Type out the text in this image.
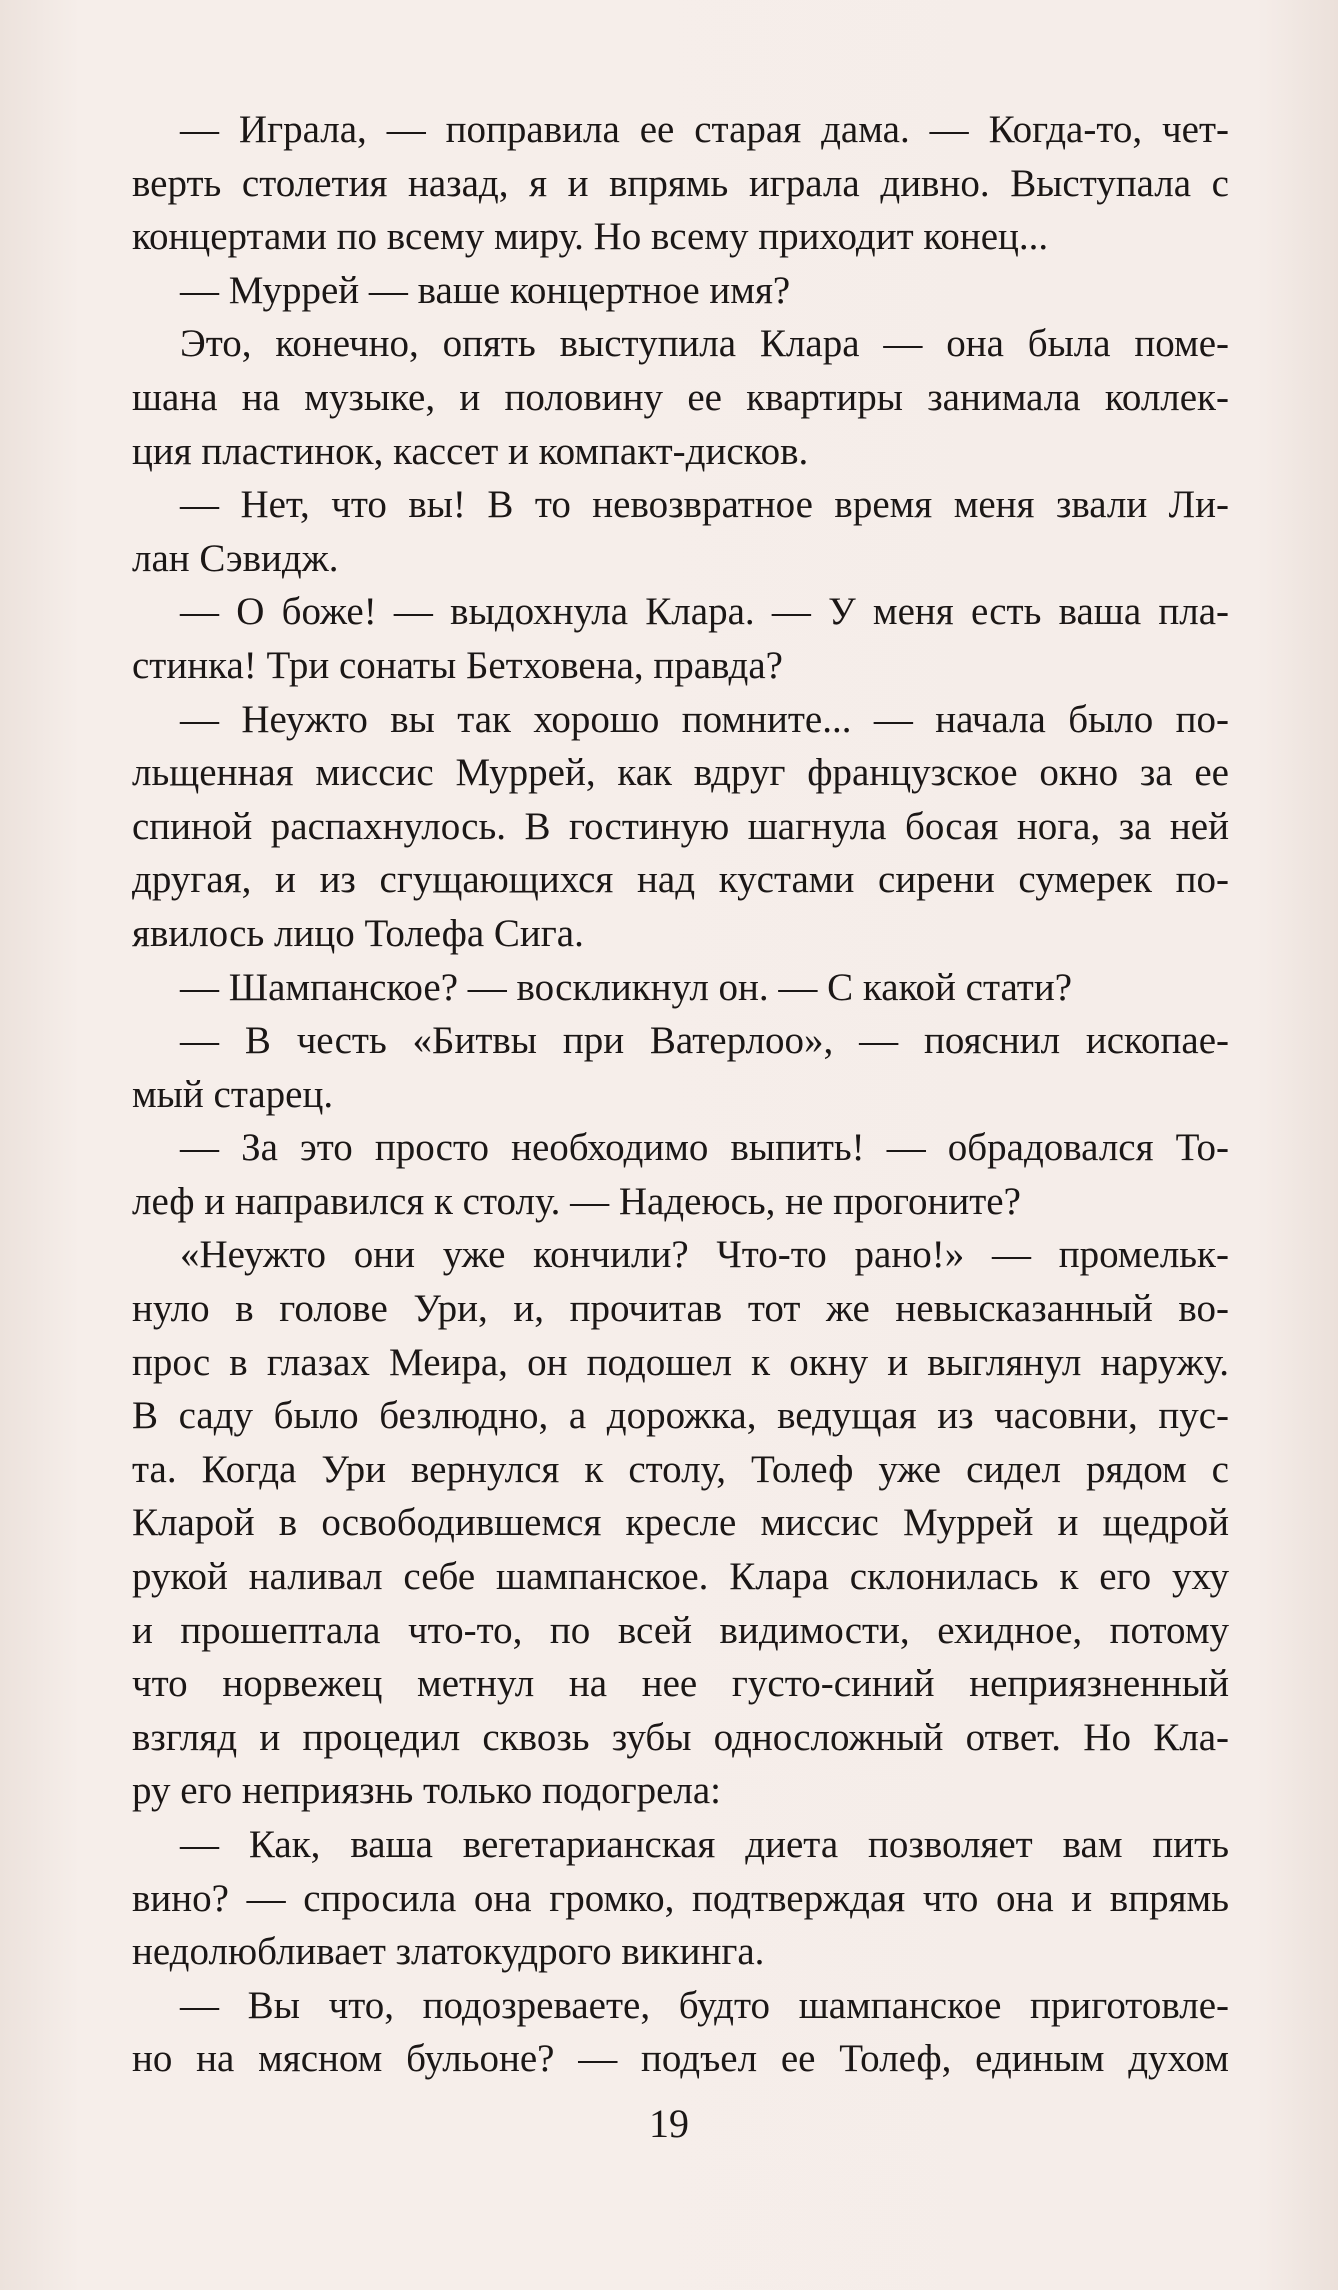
— Играла, — поправила ее старая дама. — Когда-то, чет-
верть столетия назад, я и впрямь играла дивно. Выступала с
концертами по всему миру. Но всему приходит конец...
— Муррей — ваше концертное имя?
Это, конечно, опять выступила Клара — она была поме-
шана на музыке, и половину ее квартиры занимала коллек-
ция пластинок, кассет и компакт-дисков.
— Нет, что вы! В то невозвратное время меня звали Ли-
лан Сэвидж.
— О боже! — выдохнула Клара. — У меня есть ваша пла-
стинка! Три сонаты Бетховена, правда?
— Неужто вы так хорошо помните... — начала было по-
льщенная миссис Муррей, как вдруг французское окно за ее
спиной распахнулось. В гостиную шагнула босая нога, за ней
другая, и из сгущающихся над кустами сирени сумерек по-
явилось лицо Толефа Сига.
— Шампанское? — воскликнул он. — С какой стати?
— В честь «Битвы при Ватерлоо», — пояснил ископае-
мый старец.
— За это просто необходимо выпить! — обрадовался То-
леф и направился к столу. — Надеюсь, не прогоните?
«Неужто они уже кончили? Что-то рано!» — промельк-
нуло в голове Ури, и, прочитав тот же невысказанный во-
прос в глазах Меира, он подошел к окну и выглянул наружу.
В саду было безлюдно, а дорожка, ведущая из часовни, пус-
та. Когда Ури вернулся к столу, Толеф уже сидел рядом с
Кларой в освободившемся кресле миссис Муррей и щедрой
рукой наливал себе шампанское. Клара склонилась к его уху
и прошептала что-то, по всей видимости, ехидное, потому
что норвежец метнул на нее густо-синий неприязненный
взгляд и процедил сквозь зубы односложный ответ. Но Кла-
ру его неприязнь только подогрела:
— Как, ваша вегетарианская диета позволяет вам пить
вино? — спросила она громко, подтверждая что она и впрямь
недолюбливает златокудрого викинга.
— Вы что, подозреваете, будто шампанское приготовле-
но на мясном бульоне? — подъел ее Толеф, единым духом
19
